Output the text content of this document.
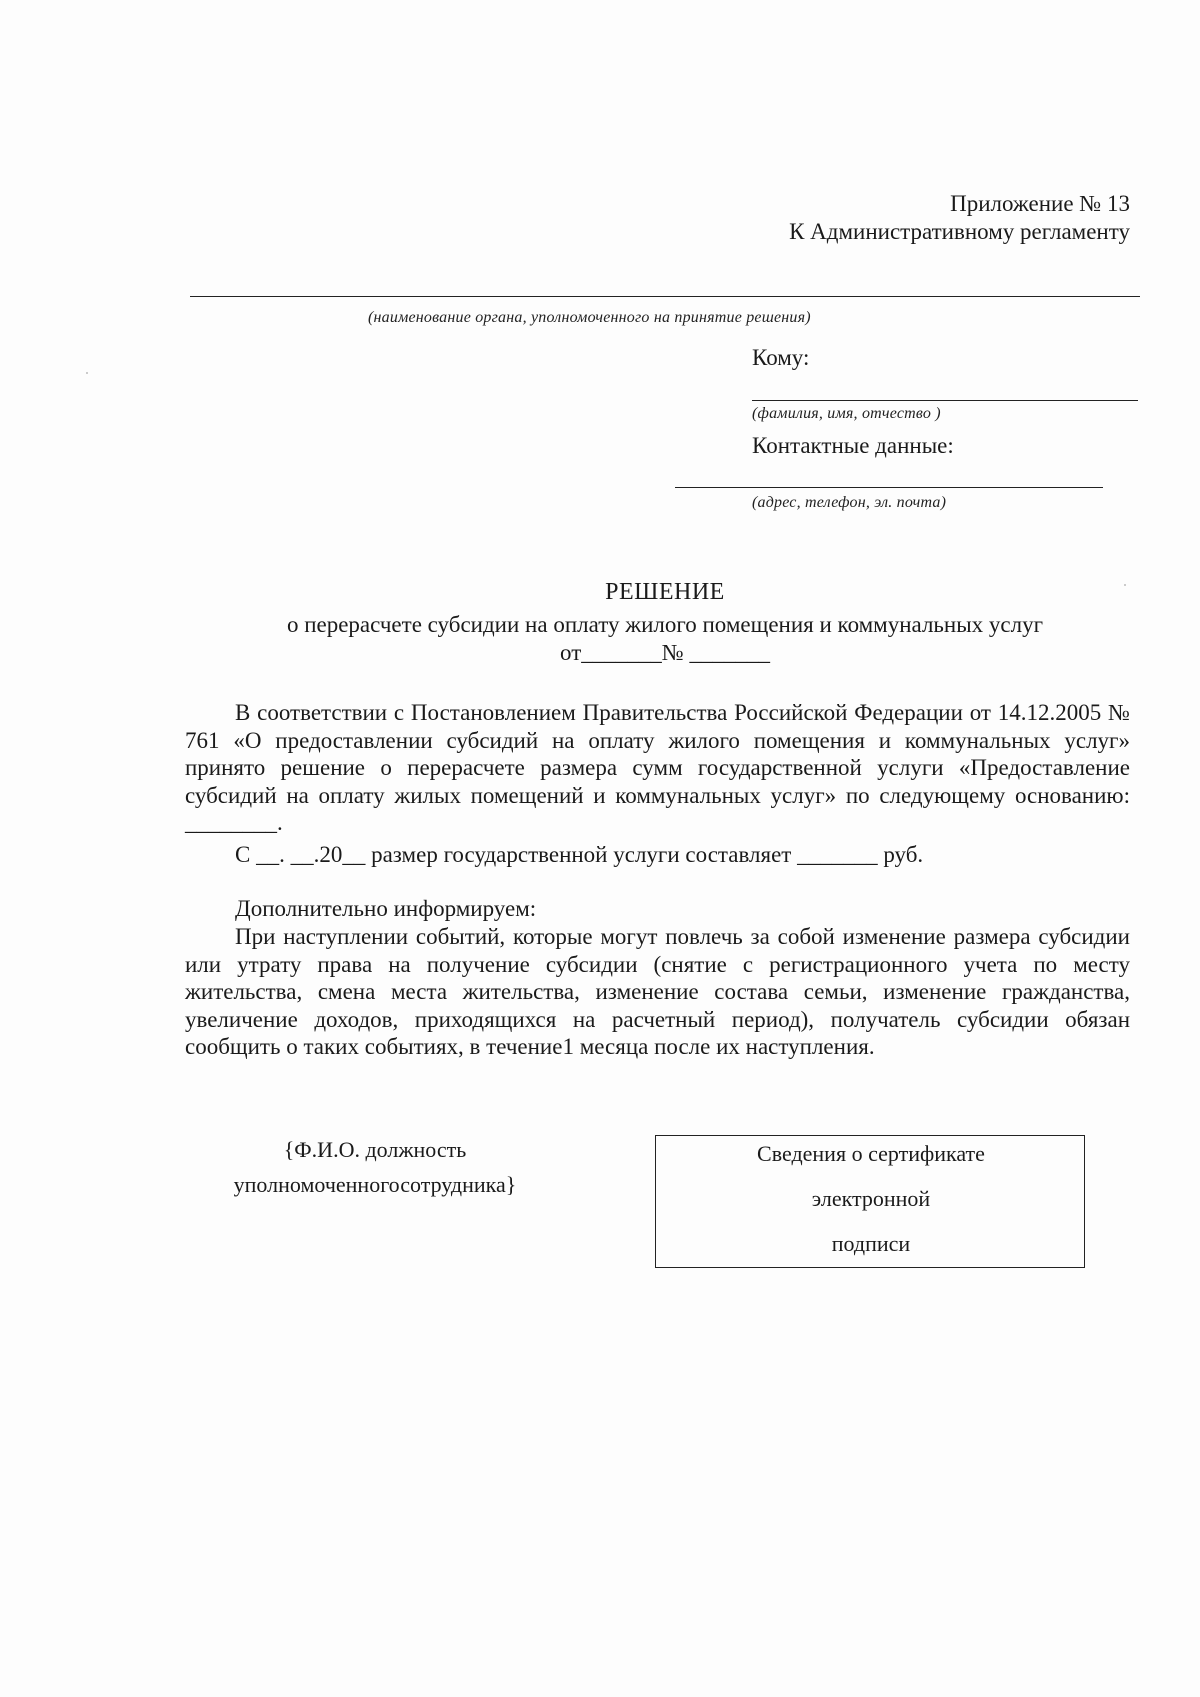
Приложение № 13
К Административному регламенту
(наименование органа, уполномоченного на принятие решения)
Кому:
(фамилия, имя, отчество )
Контактные данные:
(адрес, телефон, эл. почта)
РЕШЕНИЕ
о перерасчете субсидии на оплату жилого помещения и коммунальных услуг
от_______№ _______

В соответствии с Постановлением Правительства Российской Федерации от 14.12.2005 № 761 «О предоставлении субсидий на оплату жилого помещения и коммунальных услуг» принято решение о перерасчете размера сумм государственной услуги «Предоставление субсидий на оплату жилых помещений и коммунальных услуг» по следующему основанию: ________.

С __. __.20__ размер государственной услуги составляет _______ руб.
Дополнительно информируем:

При наступлении событий, которые могут повлечь за собой изменение размера субсидии или утрату права на получение субсидии (снятие с регистрационного учета по месту жительства, смена места жительства, изменение состава семьи, изменение гражданства, увеличение доходов, приходящихся на расчетный период), получатель субсидии обязан сообщить о таких событиях, в течение1 месяца после их наступления.

{Ф.И.О. должность
уполномоченногосотрудника}
Сведения о сертификате
электронной
подписи
